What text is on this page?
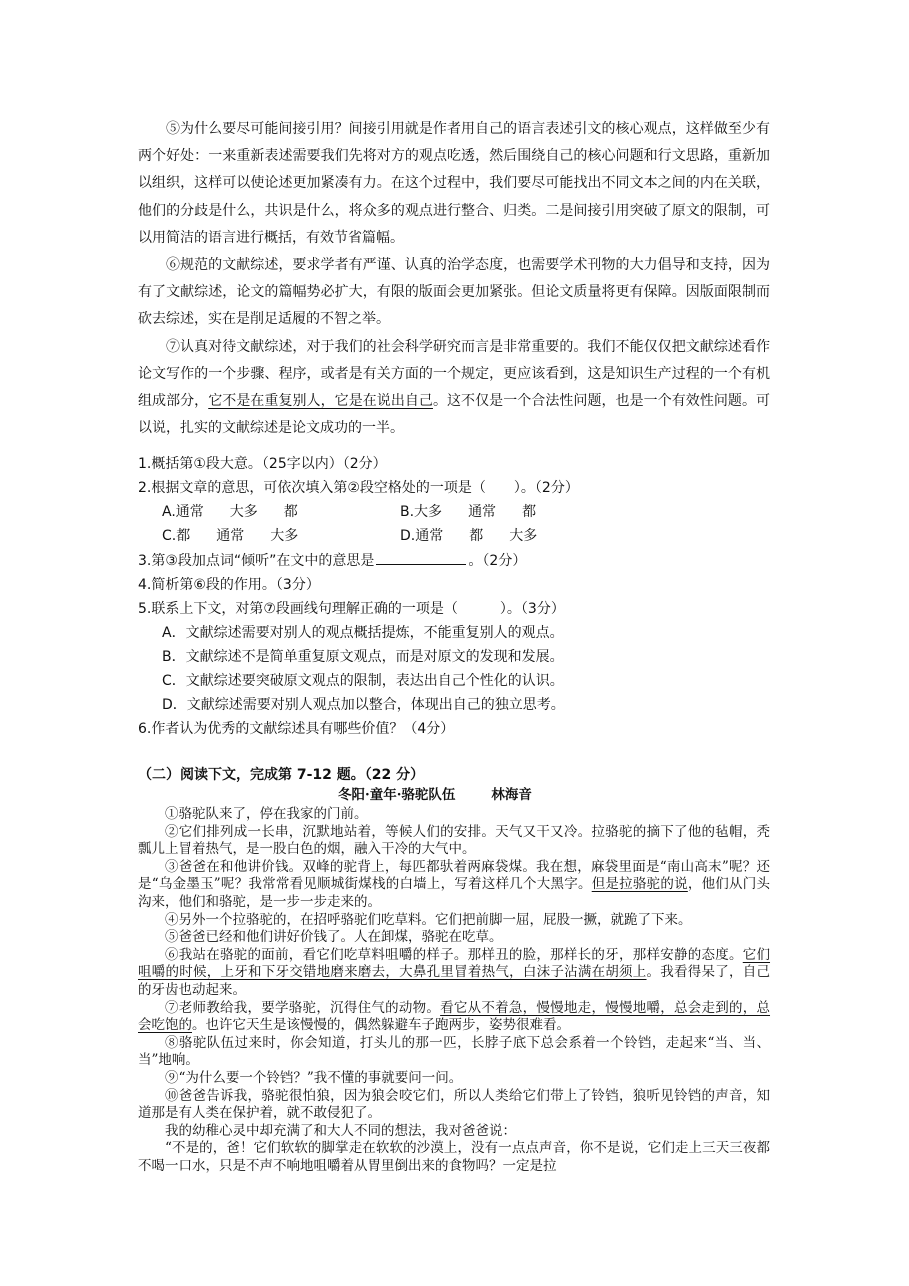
⑤为什么要尽可能间接引用？间接引用就是作者用自己的语言表述引文的核心观点，这样做至少有两个好处：一来重新表述需要我们先将对方的观点吃透，然后围绕自己的核心问题和行文思路，重新加以组织，这样可以使论述更加紧凑有力。在这个过程中，我们要尽可能找出不同文本之间的内在关联，他们的分歧是什么，共识是什么，将众多的观点进行整合、归类。二是间接引用突破了原文的限制，可以用简洁的语言进行概括，有效节省篇幅。

⑥规范的文献综述，要求学者有严谨、认真的治学态度，也需要学术刊物的大力倡导和支持，因为有了文献综述，论文的篇幅势必扩大，有限的版面会更加紧张。但论文质量将更有保障。因版面限制而砍去综述，实在是削足适履的不智之举。

⑦认真对待文献综述，对于我们的社会科学研究而言是非常重要的。我们不能仅仅把文献综述看作论文写作的一个步骤、程序，或者是有关方面的一个规定，更应该看到，这是知识生产过程的一个有机组成部分，它不是在重复别人，它是在说出自己。这不仅是一个合法性问题，也是一个有效性问题。可以说，扎实的文献综述是论文成功的一半。

1.概括第①段大意。（25字以内）（2分）
2.根据文章的意思，可依次填入第②段空格处的一项是（　　）。（2分）
A.通常 大多 都	B.大多 通常 都
C.都 通常 大多	D.通常 都 大多
3.第③段加点词“倾听”在文中的意思是	。（2分）
4.简析第⑥段的作用。（3分）
5.联系上下文，对第⑦段画线句理解正确的一项是（　　　）。（3分）
A．文献综述需要对别人的观点概括提炼，不能重复别人的观点。
B．文献综述不是简单重复原文观点，而是对原文的发现和发展。
C．文献综述要突破原文观点的限制，表达出自己个性化的认识。
D．文献综述需要对别人观点加以整合，体现出自己的独立思考。
6.作者认为优秀的文献综述具有哪些价值？（4分）
（二）阅读下文，完成第 7-12 题。（22 分）
冬阳·童年·骆驼队伍	林海音

①骆驼队来了，停在我家的门前。

②它们排列成一长串，沉默地站着，等候人们的安排。天气又干又冷。拉骆驼的摘下了他的毡帽，秃瓢儿上冒着热气，是一股白色的烟，融入干冷的大气中。

③爸爸在和他讲价钱。双峰的驼背上，每匹都驮着两麻袋煤。我在想，麻袋里面是“南山高末”呢？还是“乌金墨玉”呢？我常常看见顺城街煤栈的白墙上，写着这样几个大黑字。但是拉骆驼的说，他们从门头沟来，他们和骆驼，是一步一步走来的。

④另外一个拉骆驼的，在招呼骆驼们吃草料。它们把前脚一屈，屁股一撅，就跪了下来。

⑤爸爸已经和他们讲好价钱了。人在卸煤，骆驼在吃草。

⑥我站在骆驼的面前，看它们吃草料咀嚼的样子。那样丑的脸，那样长的牙，那样安静的态度。它们咀嚼的时候，上牙和下牙交错地磨来磨去，大鼻孔里冒着热气，白沫子沾满在胡须上。我看得呆了，自己的牙齿也动起来。

⑦老师教给我，要学骆驼，沉得住气的动物。看它从不着急，慢慢地走，慢慢地嚼，总会走到的，总会吃饱的。也许它天生是该慢慢的，偶然躲避车子跑两步，姿势很难看。

⑧骆驼队伍过来时，你会知道，打头儿的那一匹，长脖子底下总会系着一个铃铛，走起来“当、当、当”地响。

⑨“为什么要一个铃铛？”我不懂的事就要问一问。

⑩爸爸告诉我，骆驼很怕狼，因为狼会咬它们，所以人类给它们带上了铃铛，狼听见铃铛的声音，知道那是有人类在保护着，就不敢侵犯了。

我的幼稚心灵中却充满了和大人不同的想法，我对爸爸说：

“不是的，爸！它们软软的脚掌走在软软的沙漠上，没有一点点声音，你不是说，它们走上三天三夜都不喝一口水，只是不声不响地咀嚼着从胃里倒出来的食物吗？一定是拉
